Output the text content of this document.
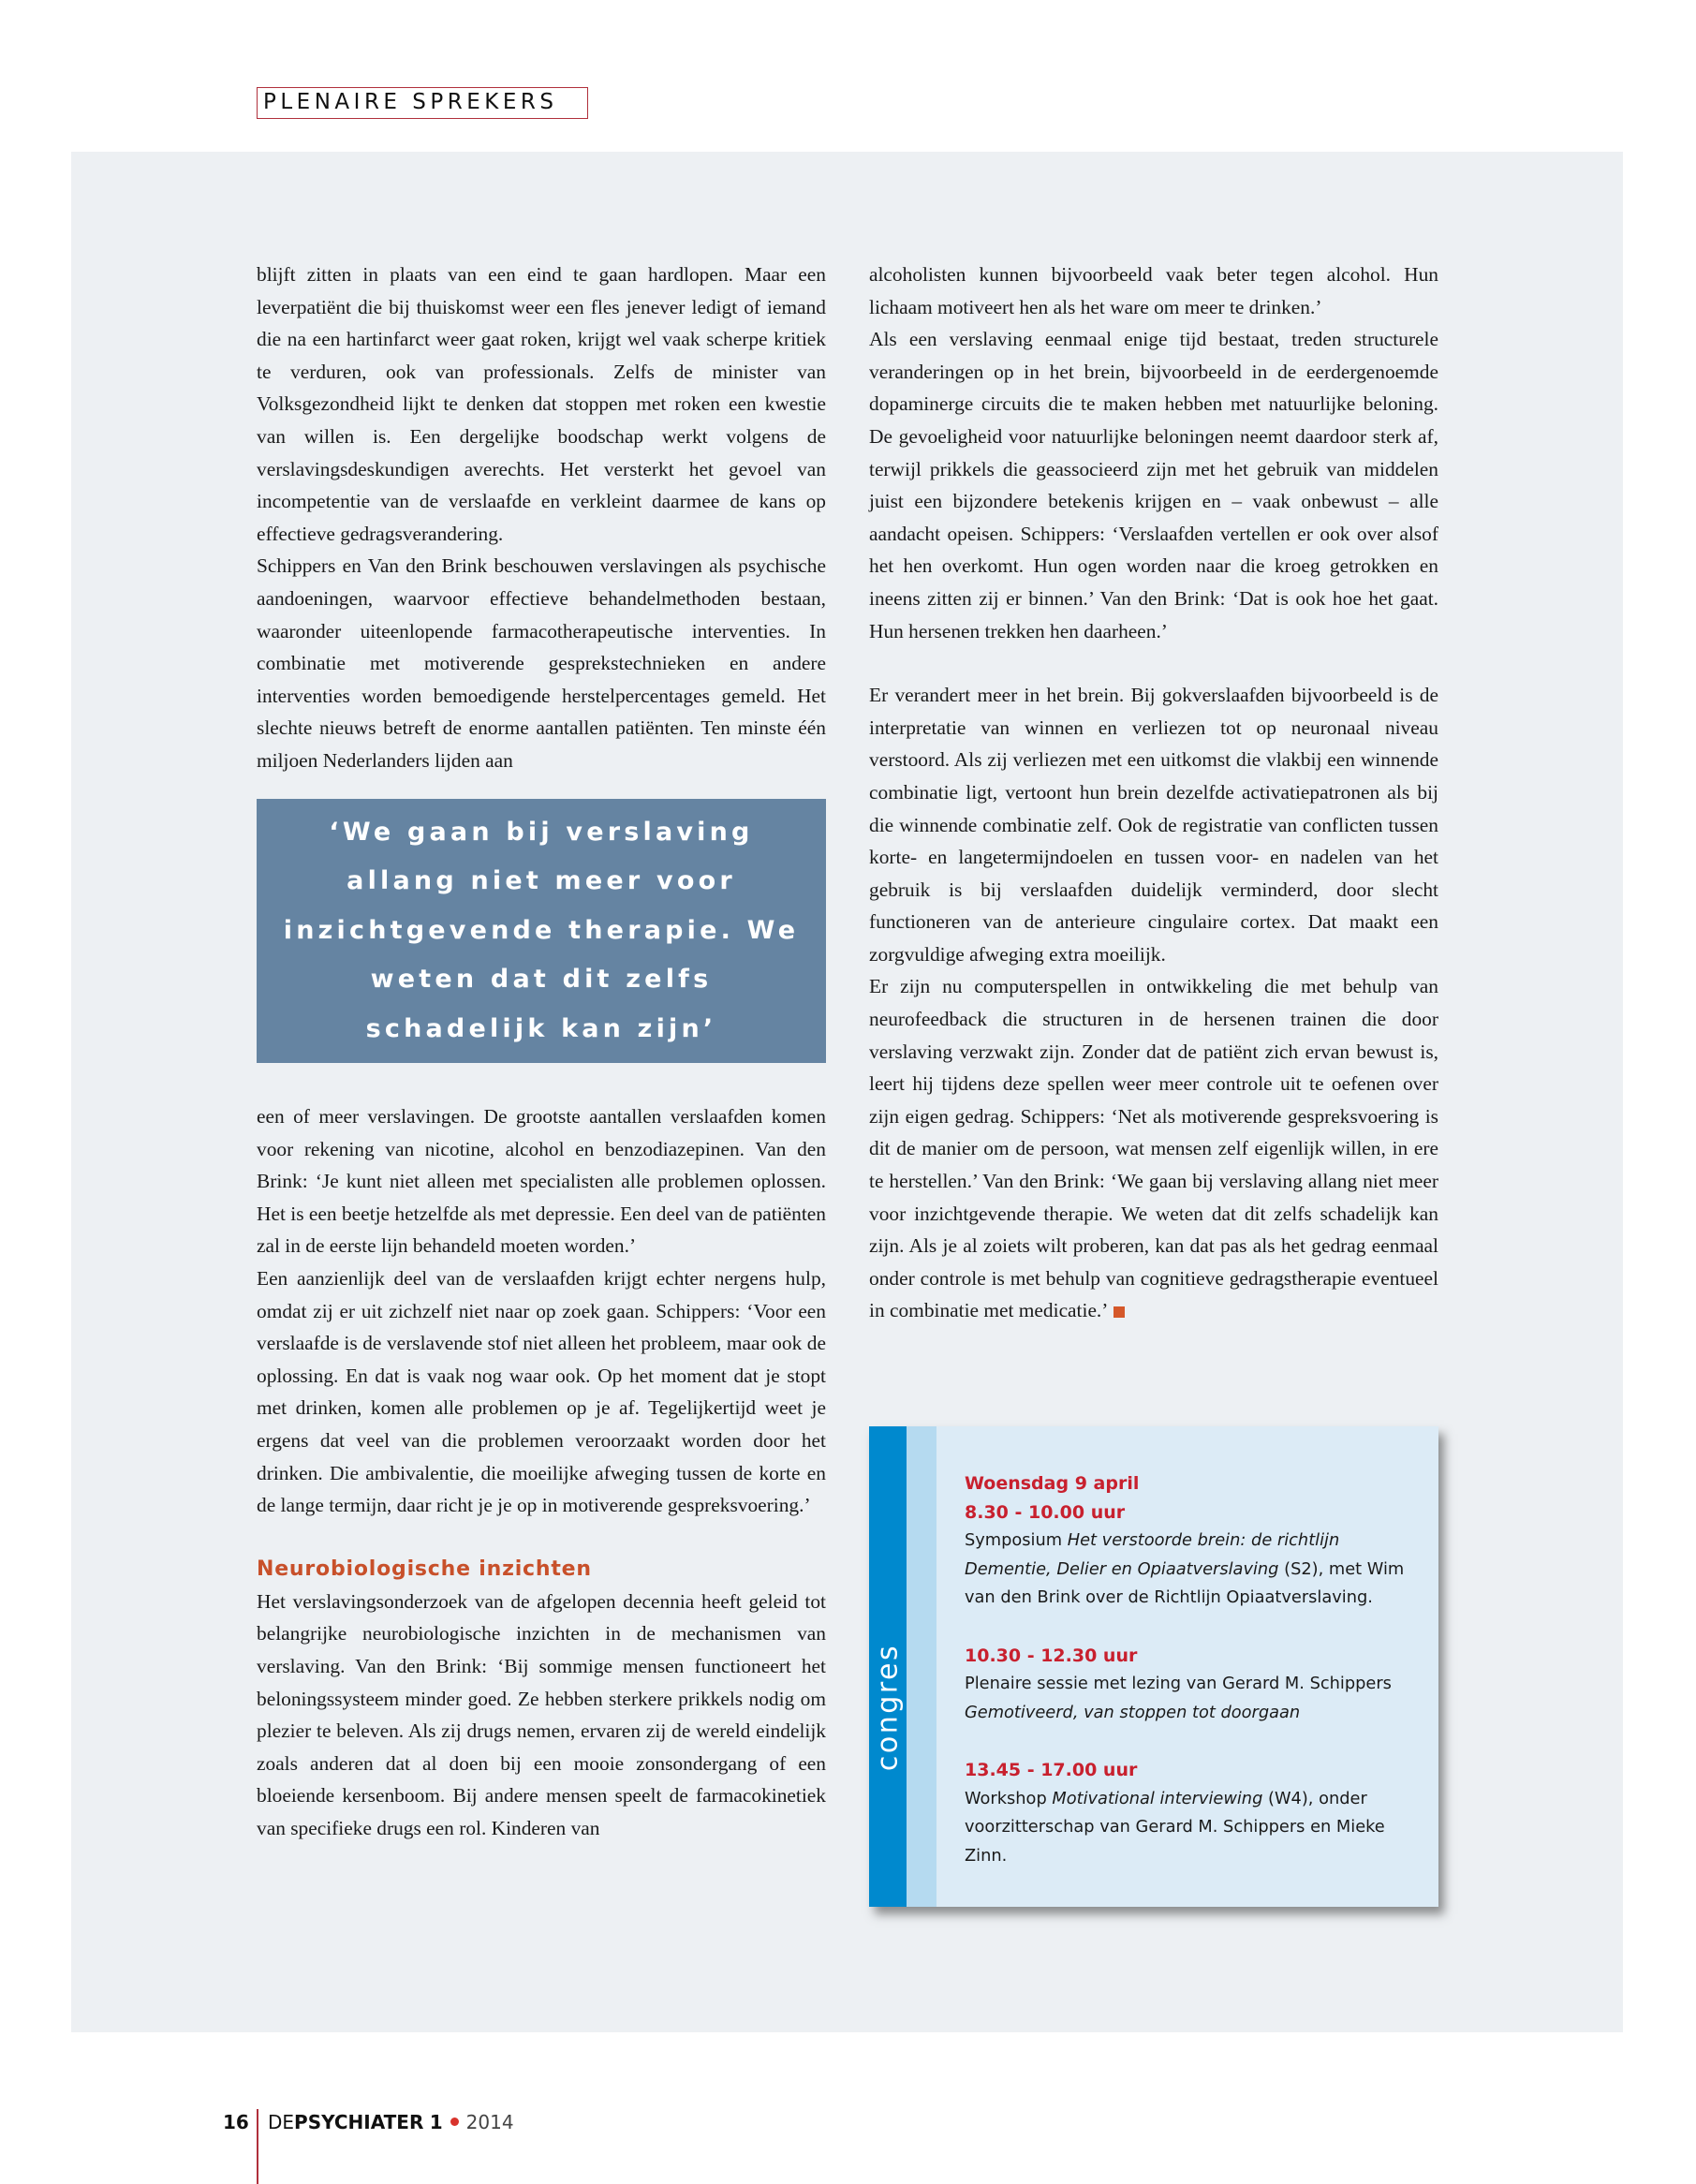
PLENAIRE SPREKERS

blijft zitten in plaats van een eind te gaan hardlopen. Maar een leverpatiënt die bij thuiskomst weer een fles jenever ledigt of iemand die na een hartinfarct weer gaat roken, krijgt wel vaak scherpe kritiek te verduren, ook van professionals. Zelfs de minister van Volksgezondheid lijkt te denken dat stoppen met roken een kwestie van willen is. Een dergelijke boodschap werkt volgens de verslavingsdeskundigen averechts. Het versterkt het gevoel van incompetentie van de verslaafde en verkleint daarmee de kans op effectieve gedragsverandering.

Schippers en Van den Brink beschouwen verslavingen als psychische aandoeningen, waarvoor effectieve behandelmethoden bestaan, waaronder uiteenlopende farmacotherapeutische interventies. In combinatie met motiverende gesprekstechnieken en andere interventies worden bemoedigende herstelpercentages gemeld. Het slechte nieuws betreft de enorme aantallen patiënten. Ten minste één miljoen Nederlanders lijden aan

‘We gaan bij verslaving allang niet meer voor inzichtgevende therapie. We weten dat dit zelfs schadelijk kan zijn’

een of meer verslavingen. De grootste aantallen verslaafden komen voor rekening van nicotine, alcohol en benzodiazepinen. Van den Brink: ‘Je kunt niet alleen met specialisten alle problemen oplossen. Het is een beetje hetzelfde als met depressie. Een deel van de patiënten zal in de eerste lijn behandeld moeten worden.’

Een aanzienlijk deel van de verslaafden krijgt echter nergens hulp, omdat zij er uit zichzelf niet naar op zoek gaan. Schippers: ‘Voor een verslaafde is de verslavende stof niet alleen het probleem, maar ook de oplossing. En dat is vaak nog waar ook. Op het moment dat je stopt met drinken, komen alle problemen op je af. Tegelijkertijd weet je ergens dat veel van die problemen veroorzaakt worden door het drinken. Die ambivalentie, die moeilijke afweging tussen de korte en de lange termijn, daar richt je je op in motiverende gespreksvoering.’

Neurobiologische inzichten

Het verslavingsonderzoek van de afgelopen decennia heeft geleid tot belangrijke neurobiologische inzichten in de mechanismen van verslaving. Van den Brink: ‘Bij sommige mensen functioneert het beloningssysteem minder goed. Ze hebben sterkere prikkels nodig om plezier te beleven. Als zij drugs nemen, ervaren zij de wereld eindelijk zoals anderen dat al doen bij een mooie zonsondergang of een bloeiende kersenboom. Bij andere mensen speelt de farmacokinetiek van specifieke drugs een rol. Kinderen van

alcoholisten kunnen bijvoorbeeld vaak beter tegen alcohol. Hun lichaam motiveert hen als het ware om meer te drinken.’

Als een verslaving eenmaal enige tijd bestaat, treden structurele veranderingen op in het brein, bijvoorbeeld in de eerdergenoemde dopaminerge circuits die te maken hebben met natuurlijke beloning. De gevoeligheid voor natuurlijke beloningen neemt daardoor sterk af, terwijl prikkels die geassocieerd zijn met het gebruik van middelen juist een bijzondere betekenis krijgen en – vaak onbewust – alle aandacht opeisen. Schippers: ‘Verslaafden vertellen er ook over alsof het hen overkomt. Hun ogen worden naar die kroeg getrokken en ineens zitten zij er binnen.’ Van den Brink: ‘Dat is ook hoe het gaat. Hun hersenen trekken hen daarheen.’

Er verandert meer in het brein. Bij gokverslaafden bijvoorbeeld is de interpretatie van winnen en verliezen tot op neuronaal niveau verstoord. Als zij verliezen met een uitkomst die vlakbij een winnende combinatie ligt, vertoont hun brein dezelfde activatiepatronen als bij die winnende combinatie zelf. Ook de registratie van conflicten tussen korte- en langetermijndoelen en tussen voor- en nadelen van het gebruik is bij verslaafden duidelijk verminderd, door slecht functioneren van de anterieure cingulaire cortex. Dat maakt een zorgvuldige afweging extra moeilijk.

Er zijn nu computerspellen in ontwikkeling die met behulp van neurofeedback die structuren in de hersenen trainen die door verslaving verzwakt zijn. Zonder dat de patiënt zich ervan bewust is, leert hij tijdens deze spellen weer meer controle uit te oefenen over zijn eigen gedrag. Schippers: ‘Net als motiverende gespreksvoering is dit de manier om de persoon, wat mensen zelf eigenlijk willen, in ere te herstellen.’ Van den Brink: ‘We gaan bij verslaving allang niet meer voor inzichtgevende therapie. We weten dat dit zelfs schadelijk kan zijn. Als je al zoiets wilt proberen, kan dat pas als het gedrag eenmaal onder controle is met behulp van cognitieve gedragstherapie eventueel in combinatie met medicatie.’

congres
Woensdag 9 april
8.30 - 10.00 uur
Symposium Het verstoorde brein: de richtlijn Dementie, Delier en Opiaatverslaving (S2), met Wim van den Brink over de Richtlijn Opiaatverslaving.
10.30 - 12.30 uur
Plenaire sessie met lezing van Gerard M. Schippers
Gemotiveerd, van stoppen tot doorgaan
13.45 - 17.00 uur
Workshop Motivational interviewing (W4), onder voorzitterschap van Gerard M. Schippers en Mieke Zinn.
16 DEPSYCHIATER 1 2014
